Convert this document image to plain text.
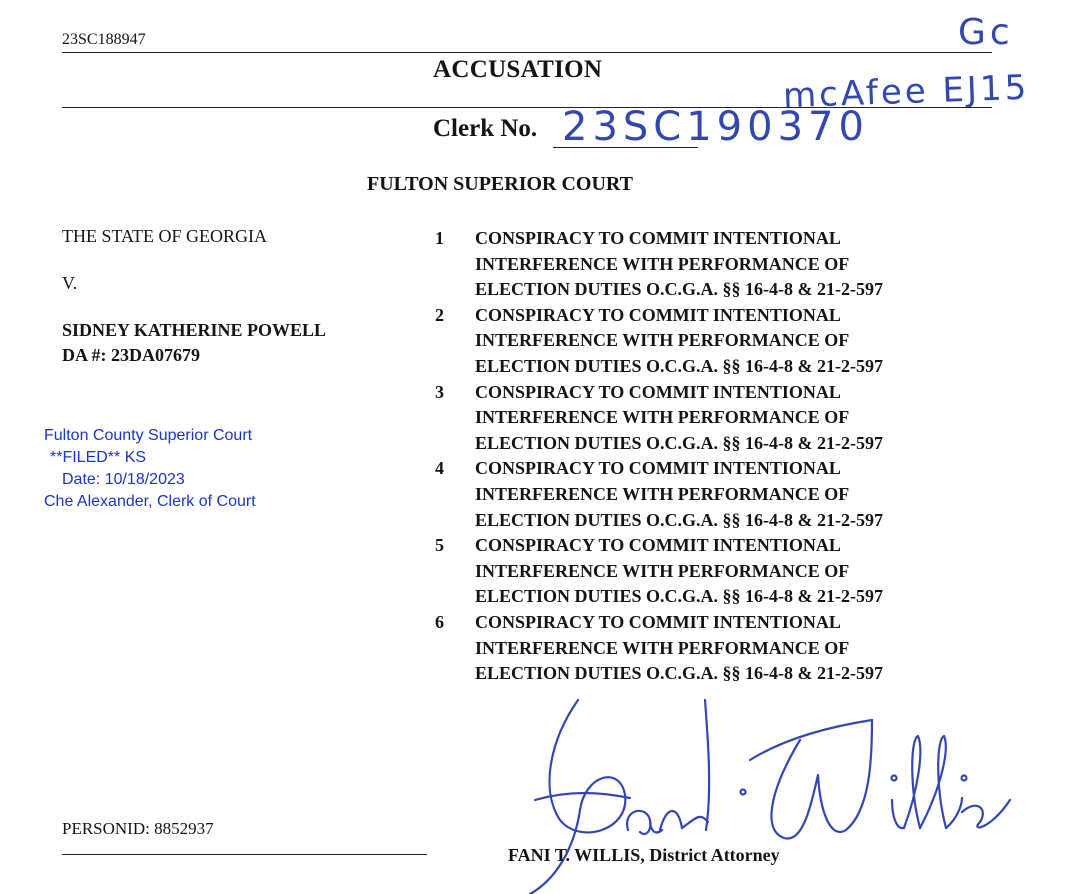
23SC188947	Gc
ACCUSATION	mcAfee EJ15
Clerk No. 23SC190370
FULTON SUPERIOR COURT
THE STATE OF GEORGIA
V.
SIDNEY KATHERINE POWELL
DA #: 23DA07679
Fulton County Superior Court
**FILED** KS
Date: 10/18/2023
Che Alexander, Clerk of Court
1	CONSPIRACY TO COMMIT INTENTIONAL
INTERFERENCE WITH PERFORMANCE OF
ELECTION DUTIES O.C.G.A. §§ 16-4-8 & 21-2-597
2	CONSPIRACY TO COMMIT INTENTIONAL
INTERFERENCE WITH PERFORMANCE OF
ELECTION DUTIES O.C.G.A. §§ 16-4-8 & 21-2-597
3	CONSPIRACY TO COMMIT INTENTIONAL
INTERFERENCE WITH PERFORMANCE OF
ELECTION DUTIES O.C.G.A. §§ 16-4-8 & 21-2-597
4	CONSPIRACY TO COMMIT INTENTIONAL
INTERFERENCE WITH PERFORMANCE OF
ELECTION DUTIES O.C.G.A. §§ 16-4-8 & 21-2-597
5	CONSPIRACY TO COMMIT INTENTIONAL
INTERFERENCE WITH PERFORMANCE OF
ELECTION DUTIES O.C.G.A. §§ 16-4-8 & 21-2-597
6	CONSPIRACY TO COMMIT INTENTIONAL
INTERFERENCE WITH PERFORMANCE OF
ELECTION DUTIES O.C.G.A. §§ 16-4-8 & 21-2-597
PERSONID: 8852937
FANI T. WILLIS, District Attorney
